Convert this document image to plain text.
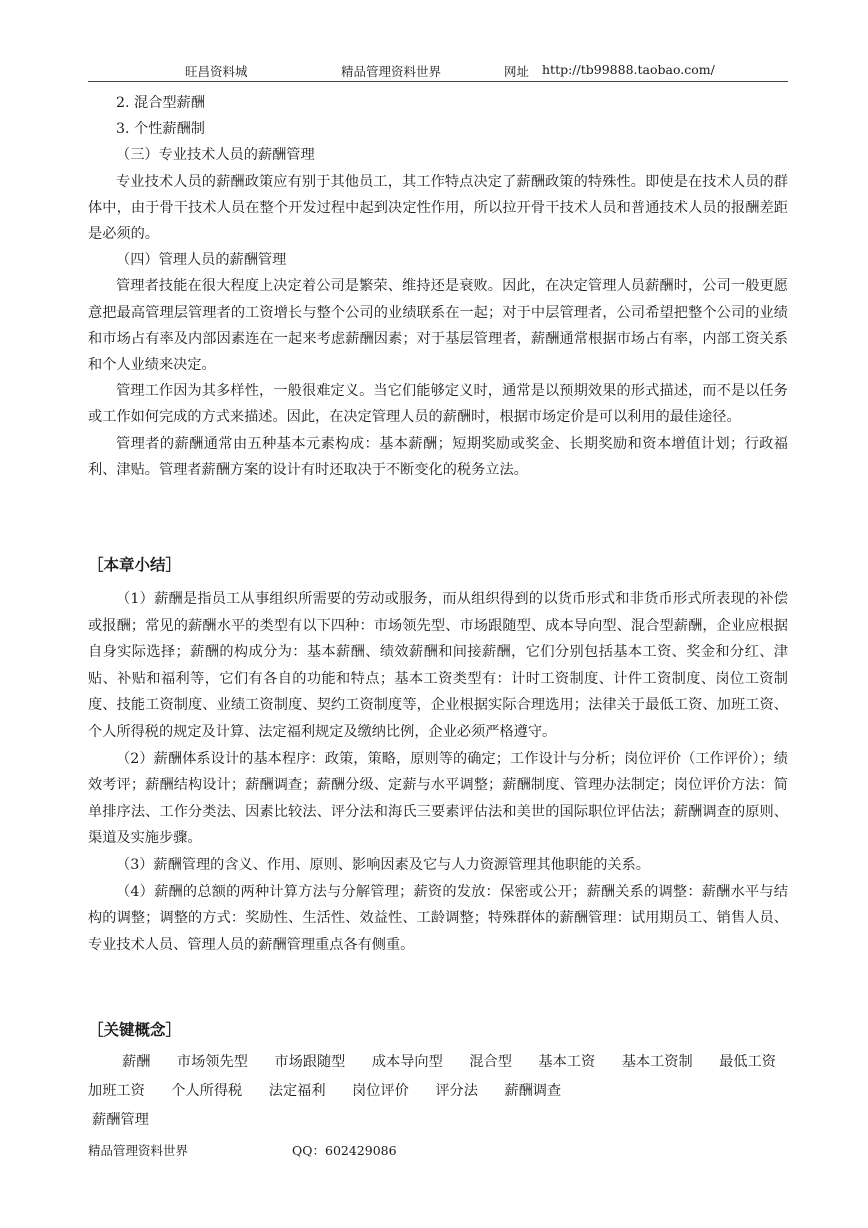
旺昌资料城	精品管理资料世界	网址 http://tb99888.taobao.com/

2. 混合型薪酬

3. 个性薪酬制

（三）专业技术人员的薪酬管理

专业技术人员的薪酬政策应有别于其他员工，其工作特点决定了薪酬政策的特殊性。即使是在技术人员的群体中，由于骨干技术人员在整个开发过程中起到决定性作用，所以拉开骨干技术人员和普通技术人员的报酬差距是必须的。

（四）管理人员的薪酬管理

管理者技能在很大程度上决定着公司是繁荣、维持还是衰败。因此，在决定管理人员薪酬时，公司一般更愿意把最高管理层管理者的工资增长与整个公司的业绩联系在一起；对于中层管理者，公司希望把整个公司的业绩和市场占有率及内部因素连在一起来考虑薪酬因素；对于基层管理者，薪酬通常根据市场占有率，内部工资关系和个人业绩来决定。

管理工作因为其多样性，一般很难定义。当它们能够定义时，通常是以预期效果的形式描述，而不是以任务或工作如何完成的方式来描述。因此，在决定管理人员的薪酬时，根据市场定价是可以利用的最佳途径。

管理者的薪酬通常由五种基本元素构成：基本薪酬；短期奖励或奖金、长期奖励和资本增值计划；行政福利、津贴。管理者薪酬方案的设计有时还取决于不断变化的税务立法。

［本章小结］

（1）薪酬是指员工从事组织所需要的劳动或服务，而从组织得到的以货币形式和非货币形式所表现的补偿或报酬；常见的薪酬水平的类型有以下四种：市场领先型、市场跟随型、成本导向型、混合型薪酬，企业应根据自身实际选择；薪酬的构成分为：基本薪酬、绩效薪酬和间接薪酬，它们分别包括基本工资、奖金和分红、津贴、补贴和福利等，它们有各自的功能和特点；基本工资类型有：计时工资制度、计件工资制度、岗位工资制度、技能工资制度、业绩工资制度、契约工资制度等，企业根据实际合理选用；法律关于最低工资、加班工资、个人所得税的规定及计算、法定福利规定及缴纳比例，企业必须严格遵守。

（2）薪酬体系设计的基本程序：政策，策略，原则等的确定；工作设计与分析；岗位评价（工作评价）；绩效考评；薪酬结构设计；薪酬调查；薪酬分级、定薪与水平调整；薪酬制度、管理办法制定；岗位评价方法：简单排序法、工作分类法、因素比较法、评分法和海氏三要素评估法和美世的国际职位评估法；薪酬调查的原则、渠道及实施步骤。

（3）薪酬管理的含义、作用、原则、影响因素及它与人力资源管理其他职能的关系。

（4）薪酬的总额的两种计算方法与分解管理；薪资的发放：保密或公开；薪酬关系的调整：薪酬水平与结构的调整；调整的方式：奖励性、生活性、效益性、工龄调整；特殊群体的薪酬管理：试用期员工、销售人员、专业技术人员、管理人员的薪酬管理重点各有侧重。

［关键概念］
薪酬 市场领先型 市场跟随型 成本导向型 混合型 基本工资 基本工资制 最低工资
加班工资 个人所得税 法定福利 岗位评价 评分法 薪酬调查
薪酬管理
精品管理资料世界	QQ：602429086
